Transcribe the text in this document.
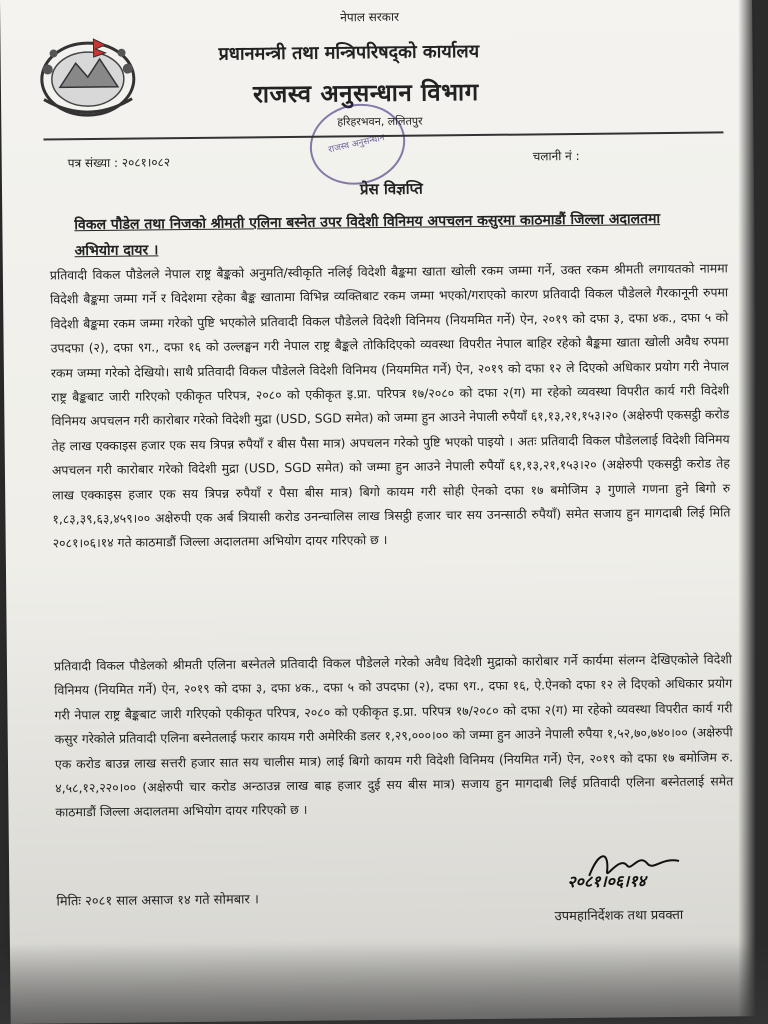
नेपाल सरकार
प्रधानमन्त्री तथा मन्त्रिपरिषद्को कार्यालय
राजस्व अनुसन्धान विभाग
राजस्व अनुसन्धान
हरिहरभवन, ललितपुर
पत्र संख्या : २०८१।०८२	चलानी नं :
प्रेस विज्ञप्ति
विकल पौडेल तथा निजको श्रीमती एलिना बस्नेत उपर विदेशी विनिमय अपचलन कसुरमा काठमाडौं जिल्ला अदालतमा अभियोग दायर ।
प्रतिवादी विकल पौडेलले नेपाल राष्ट्र बैङ्कको अनुमति/स्वीकृति नलिई विदेशी बैङ्कमा खाता खोली रकम जम्मा गर्ने, उक्त रकम श्रीमती लगायतको नाममा विदेशी बैङ्कमा जम्मा गर्ने र विदेशमा रहेका बैङ्क खातामा विभिन्न व्यक्तिबाट रकम जम्मा भएको/गराएको कारण प्रतिवादी विकल पौडेलले गैरकानूनी रुपमा विदेशी बैङ्कमा रकम जम्मा गरेको पुष्टि भएकोले प्रतिवादी विकल पौडेलले विदेशी विनिमय (नियममित गर्ने) ऐन, २०१९ को दफा ३, दफा ४क., दफा ५ को उपदफा (२), दफा ९ग., दफा १६ को उल्लङ्घन गरी नेपाल राष्ट्र बैङ्कले तोकिदिएको व्यवस्था विपरीत नेपाल बाहिर रहेको बैङ्कमा खाता खोली अवैध रुपमा रकम जम्मा गरेको देखियो। साथै प्रतिवादी विकल पौडेलले विदेशी विनिमय (नियममित गर्ने) ऐन, २०१९ को दफा १२ ले दिएको अधिकार प्रयोग गरी नेपाल राष्ट्र बैङ्कबाट जारी गरिएको एकीकृत परिपत्र, २०८० को एकीकृत इ.प्रा. परिपत्र १७/२०८० को दफा २(ग) मा रहेको व्यवस्था विपरीत कार्य गरी विदेशी विनिमय अपचलन गरी कारोबार गरेको विदेशी मुद्रा (USD, SGD समेत) को जम्मा हुन आउने नेपाली रुपैयाँ ६१,१३,२१,१५३।२० (अक्षेरुपी एकसट्ठी करोड तेह लाख एक्काइस हजार एक सय त्रिपन्न रुपैयाँ र बीस पैसा मात्र) अपचलन गरेको पुष्टि भएको पाइयो । अतः प्रतिवादी विकल पौडेललाई विदेशी विनिमय अपचलन गरी कारोबार गरेको विदेशी मुद्रा (USD, SGD समेत) को जम्मा हुन आउने नेपाली रुपैयाँ ६१,१३,२१,१५३।२० (अक्षेरुपी एकसट्ठी करोड तेह लाख एक्काइस हजार एक सय त्रिपन्न रुपैयाँ र पैसा बीस मात्र) बिगो कायम गरी सोही ऐनको दफा १७ बमोजिम ३ गुणाले गणना हुने बिगो रु १,८३,३९,६३,४५९।०० अक्षेरुपी एक अर्ब त्रियासी करोड उनन्चालिस लाख त्रिसट्ठी हजार चार सय उनन्साठी रुपैयाँ) समेत सजाय हुन मागदाबी लिई मिति २०८१।०६।१४ गते काठमाडौं जिल्ला अदालतमा अभियोग दायर गरिएको छ ।
प्रतिवादी विकल पौडेलको श्रीमती एलिना बस्नेतले प्रतिवादी विकल पौडेलले गरेको अवैध विदेशी मुद्राको कारोबार गर्ने कार्यमा संलग्न देखिएकोले विदेशी विनिमय (नियमित गर्ने) ऐन, २०१९ को दफा ३, दफा ४क., दफा ५ को उपदफा (२), दफा ९ग., दफा १६, ऐ.ऐनको दफा १२ ले दिएको अधिकार प्रयोग गरी नेपाल राष्ट्र बैङ्कबाट जारी गरिएको एकीकृत परिपत्र, २०८० को एकीकृत इ.प्रा. परिपत्र १७/२०८० को दफा २(ग) मा रहेको व्यवस्था विपरीत कार्य गरी कसुर गरेकोले प्रतिवादी एलिना बस्नेतलाई फरार कायम गरी अमेरिकी डलर १,२९,०००।०० को जम्मा हुन आउने नेपाली रुपैया १,५२,७०,७४०।०० (अक्षेरुपी एक करोड बाउन्न लाख सत्तरी हजार सात सय चालीस मात्र) लाई बिगो कायम गरी विदेशी विनिमय (नियमित गर्ने) ऐन, २०१९ को दफा १७ बमोजिम रु. ४,५८,१२,२२०।०० (अक्षेरुपी चार करोड अन्ठाउन्न लाख बाह्र हजार दुई सय बीस मात्र) सजाय हुन मागदाबी लिई प्रतिवादी एलिना बस्नेतलाई समेत काठमाडौं जिल्ला अदालतमा अभियोग दायर गरिएको छ ।
मितिः २०८१ साल असाज १४ गते सोमबार ।
२०८१।०६।१४
उपमहानिर्देशक तथा प्रवक्ता
